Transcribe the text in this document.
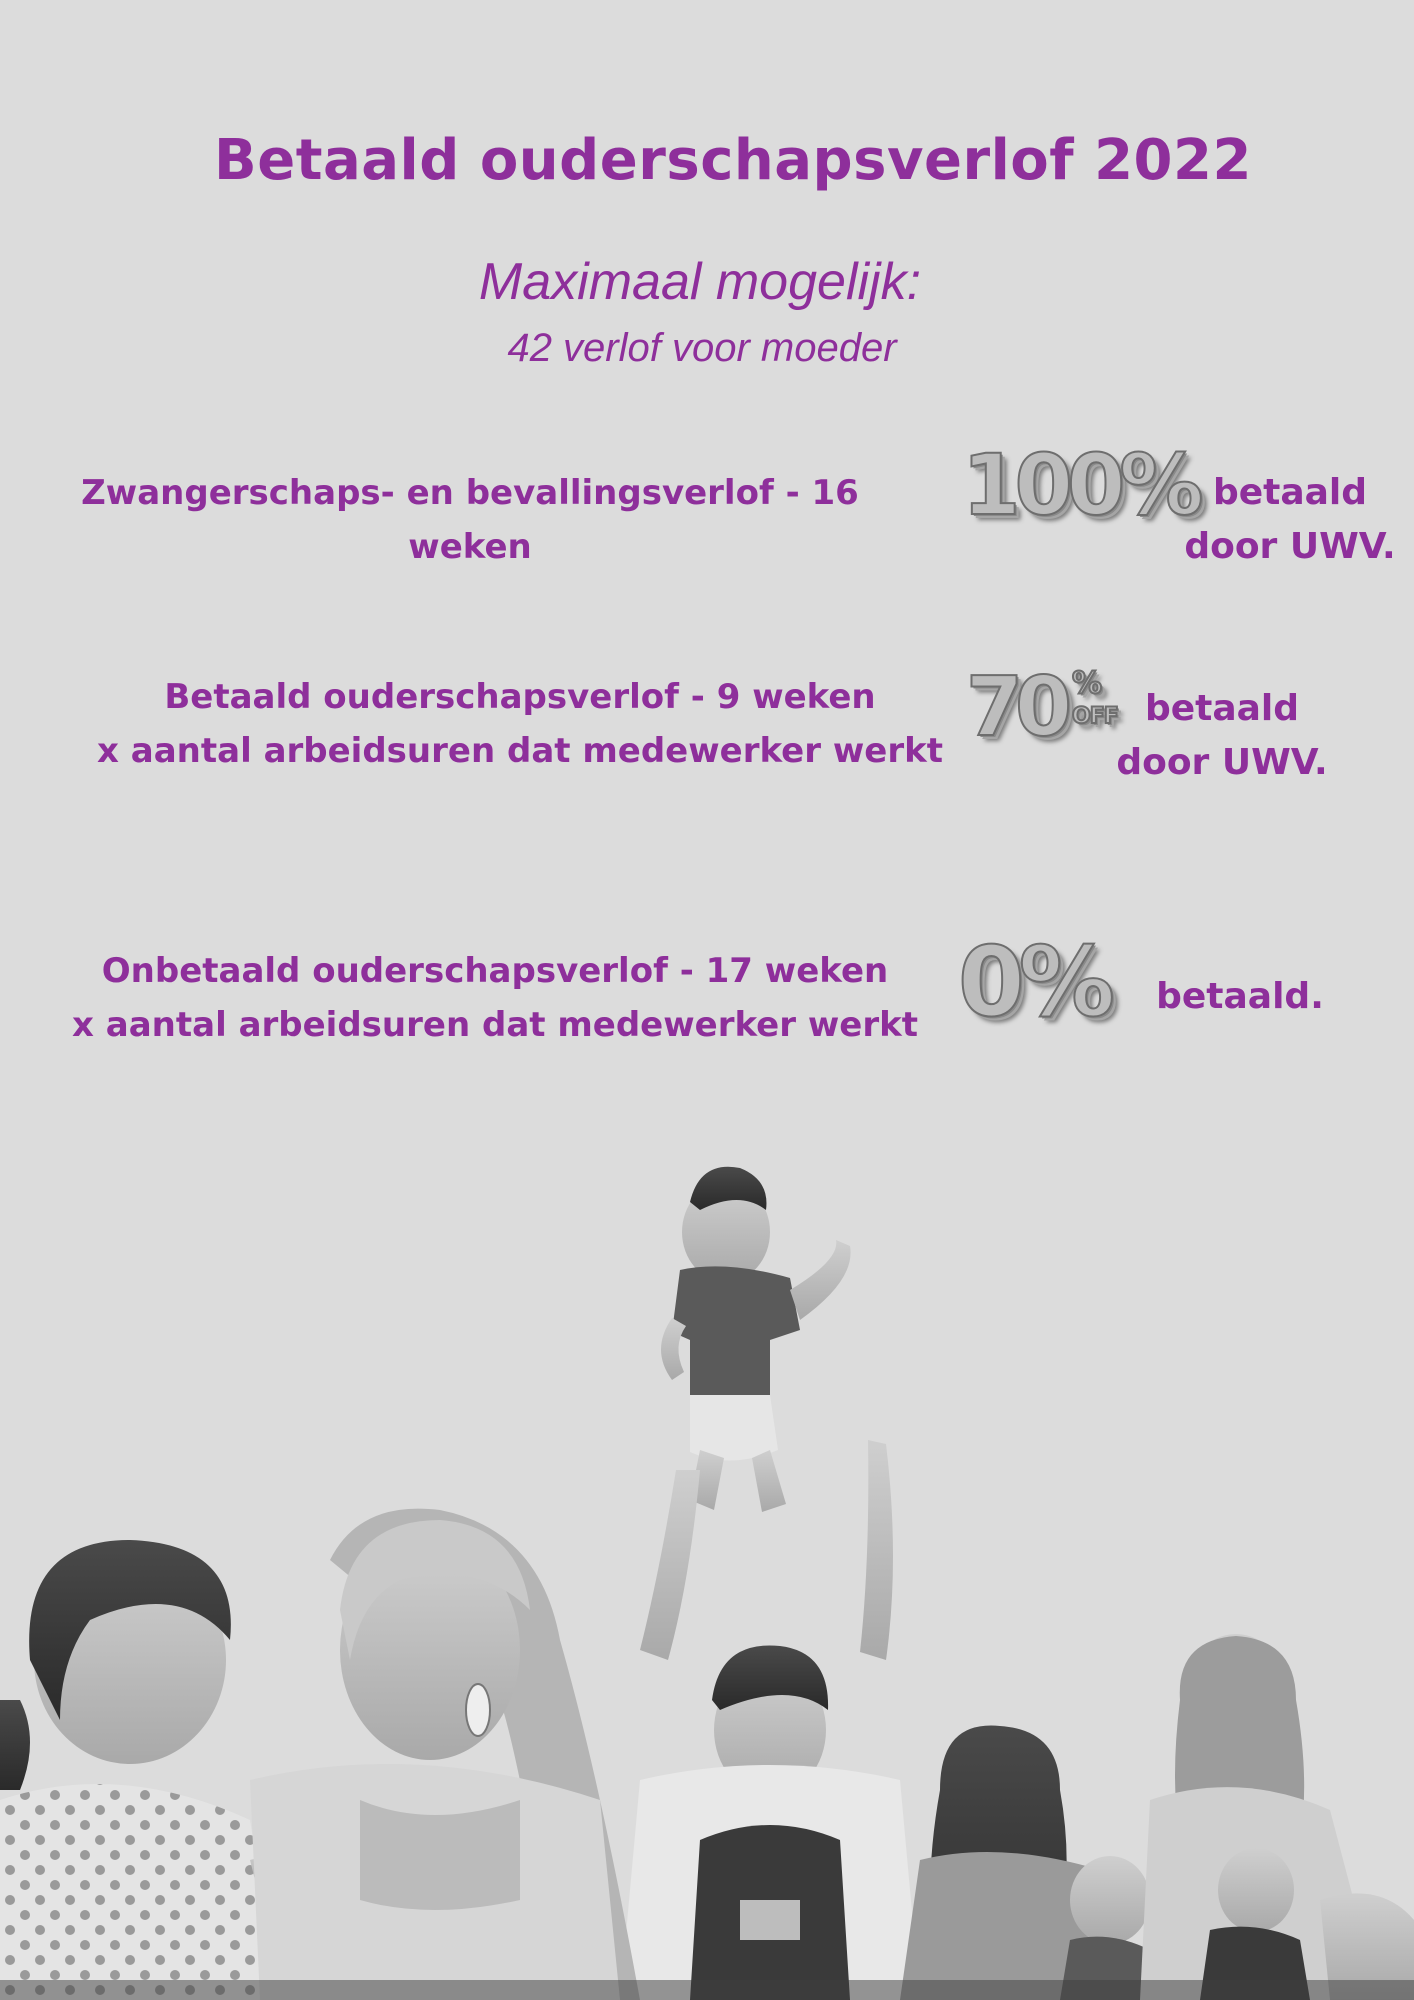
Betaald ouderschapsverlof 2022
Maximaal mogelijk:
42 verlof voor moeder
Zwangerschaps- en bevallingsverlof - 16 weken
100% betaald
door UWV.
Betaald ouderschapsverlof - 9 weken
x aantal arbeidsuren dat medewerker werkt 70 %
OFF betaald
door UWV.
Onbetaald ouderschapsverlof - 17 weken
x aantal arbeidsuren dat medewerker werkt 0% betaald.
